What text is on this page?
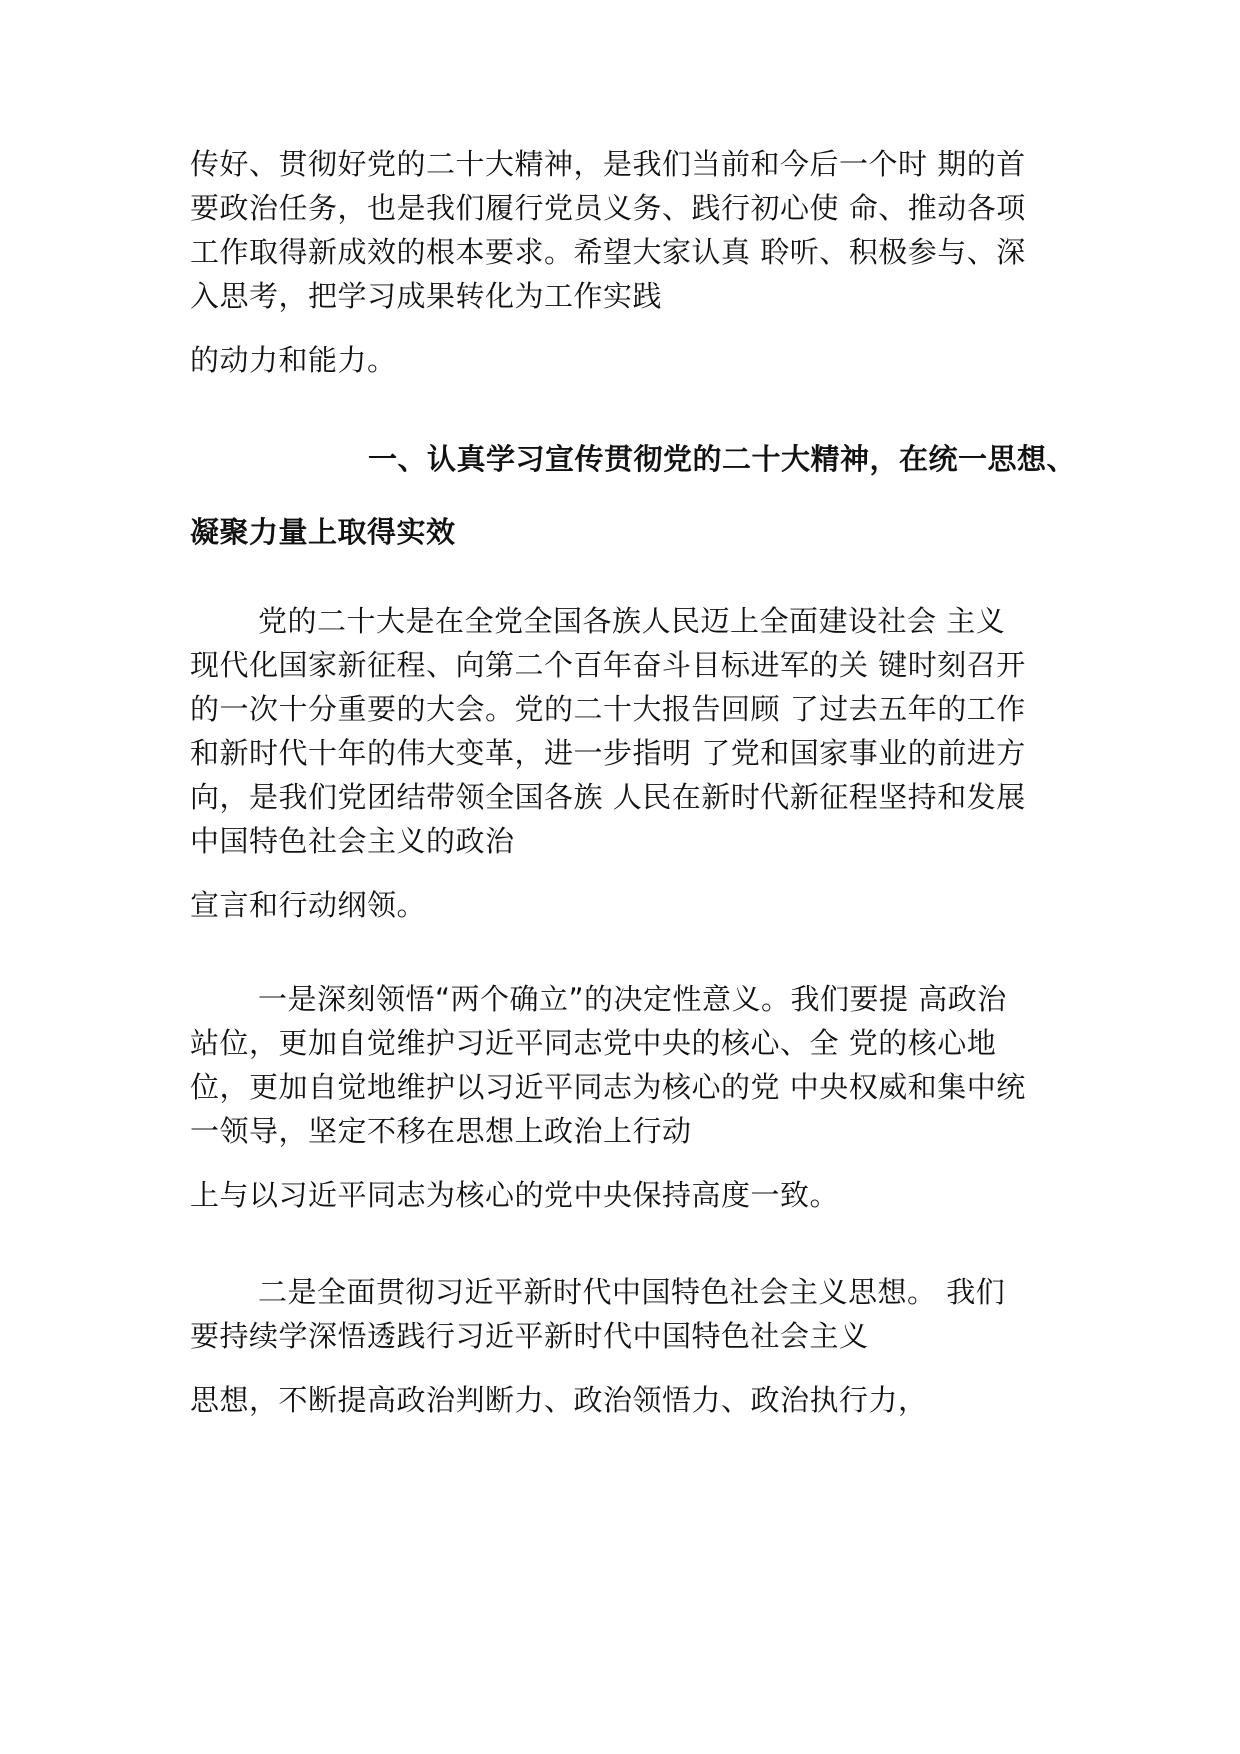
传好、贯彻好党的二十大精神，是我们当前和今后一个时 期的首
要政治任务，也是我们履行党员义务、践行初心使 命、推动各项
工作取得新成效的根本要求。希望大家认真 聆听、积极参与、深
入思考，把学习成果转化为工作实践
的动力和能力。
一、认真学习宣传贯彻党的二十大精神，在统一思想、
凝聚力量上取得实效
党的二十大是在全党全国各族人民迈上全面建设社会 主义
现代化国家新征程、向第二个百年奋斗目标进军的关 键时刻召开
的一次十分重要的大会。党的二十大报告回顾 了过去五年的工作
和新时代十年的伟大变革，进一步指明 了党和国家事业的前进方
向，是我们党团结带领全国各族 人民在新时代新征程坚持和发展
中国特色社会主义的政治
宣言和行动纲领。
一是深刻领悟“两个确立”的决定性意义。我们要提 高政治
站位，更加自觉维护习近平同志党中央的核心、全 党的核心地
位，更加自觉地维护以习近平同志为核心的党 中央权威和集中统
一领导，坚定不移在思想上政治上行动
上与以习近平同志为核心的党中央保持高度一致。
二是全面贯彻习近平新时代中国特色社会主义思想。 我们
要持续学深悟透践行习近平新时代中国特色社会主义
思想，不断提高政治判断力、政治领悟力、政治执行力，
